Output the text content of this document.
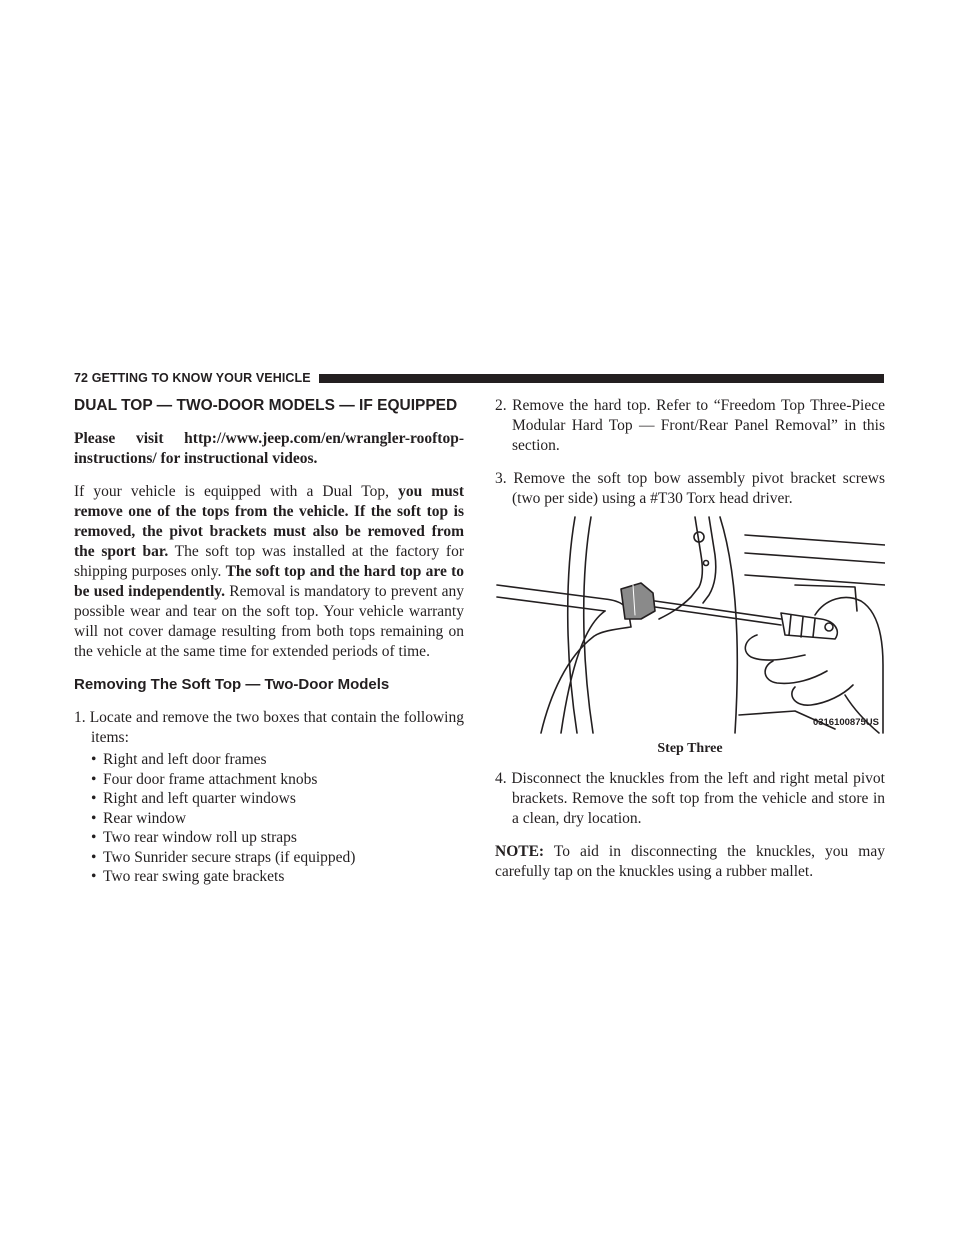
72 GETTING TO KNOW YOUR VEHICLE
DUAL TOP — TWO-DOOR MODELS — IF EQUIPPED

Please visit http://www.jeep.com/en/wrangler-rooftop-instructions/ for instructional videos.

If your vehicle is equipped with a Dual Top, you must remove one of the tops from the vehicle. If the soft top is removed, the pivot brackets must also be removed from the sport bar. The soft top was installed at the factory for shipping purposes only. The soft top and the hard top are to be used independently. Removal is mandatory to prevent any possible wear and tear on the soft top. Your vehicle warranty will not cover damage resulting from both tops remaining on the vehicle at the same time for extended periods of time.

Removing The Soft Top — Two-Door Models
1. Locate and remove the two boxes that contain the following items:
• Right and left door frames
• Four door frame attachment knobs
• Right and left quarter windows
• Rear window
• Two rear window roll up straps
• Two Sunrider secure straps (if equipped)
• Two rear swing gate brackets
2. Remove the hard top. Refer to “Freedom Top Three-Piece Modular Hard Top — Front/Rear Panel Removal” in this section.
3. Remove the soft top bow assembly pivot bracket screws (two per side) using a #T30 Torx head driver.
0316100875US
Step Three
4. Disconnect the knuckles from the left and right metal pivot brackets. Remove the soft top from the vehicle and store in a clean, dry location.

NOTE: To aid in disconnecting the knuckles, you may carefully tap on the knuckles using a rubber mallet.
